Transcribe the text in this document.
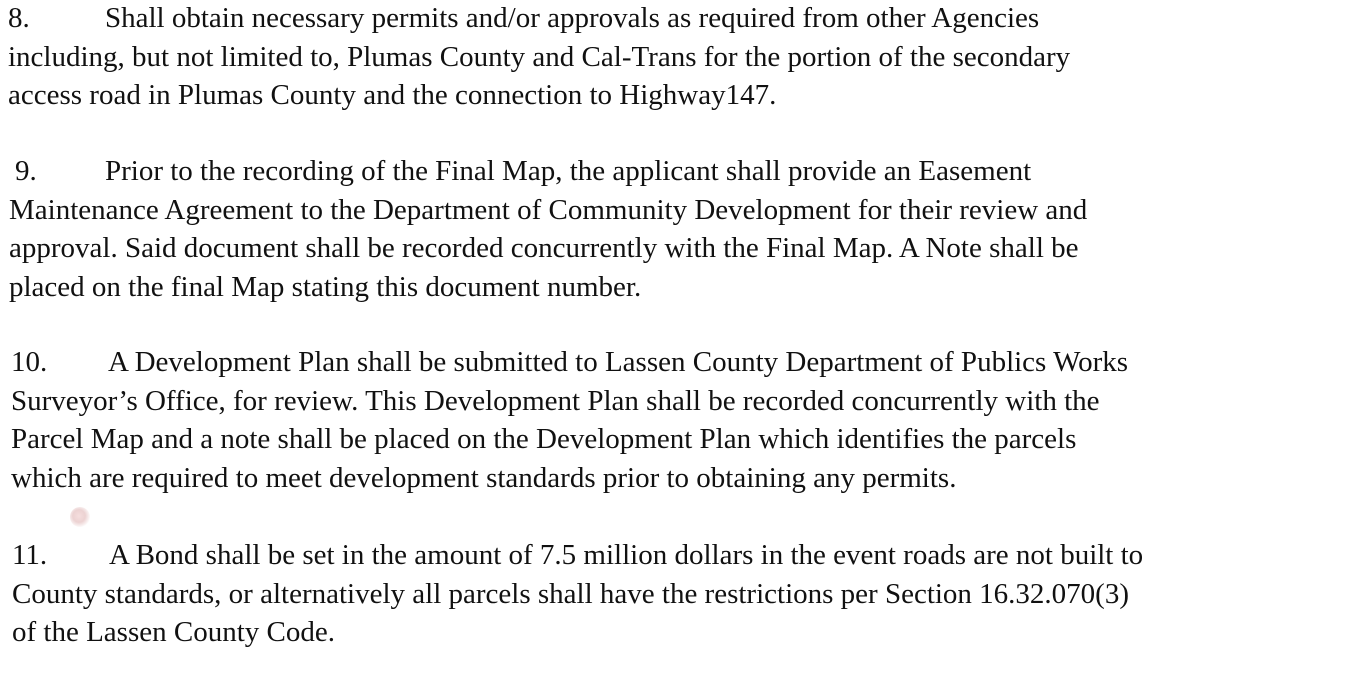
8.	Shall obtain necessary permits and/or approvals as required from other Agencies
including, but not limited to, Plumas County and Cal-Trans for the portion of the secondary
access road in Plumas County and the connection to Highway147.
9. Prior to the recording of the Final Map, the applicant shall provide an Easement
Maintenance Agreement to the Department of Community Development for their review and
approval. Said document shall be recorded concurrently with the Final Map. A Note shall be
placed on the final Map stating this document number.
10. A Development Plan shall be submitted to Lassen County Department of Publics Works
Surveyor’s Office, for review. This Development Plan shall be recorded concurrently with the
Parcel Map and a note shall be placed on the Development Plan which identifies the parcels
which are required to meet development standards prior to obtaining any permits.
11. A Bond shall be set in the amount of 7.5 million dollars in the event roads are not built to
County standards, or alternatively all parcels shall have the restrictions per Section 16.32.070(3)
of the Lassen County Code.
